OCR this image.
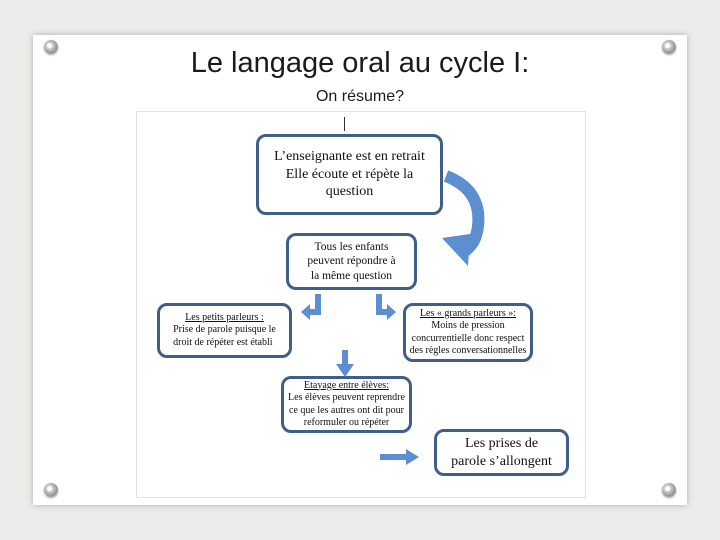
Le langage oral au cycle I:
On résume?
L’enseignante est en retrait
Elle écoute et répète la
question
Tous les enfants
peuvent répondre à
la même question
Les petits parleurs :
Prise de parole puisque le
droit de répéter est établi
Les « grands parleurs »:
Moins de pression
concurrentielle donc respect
des règles conversationnelles
Etayage entre élèves:
Les élèves peuvent reprendre
ce que les autres ont dit pour
reformuler ou répéter
Les prises de
parole s’allongent
